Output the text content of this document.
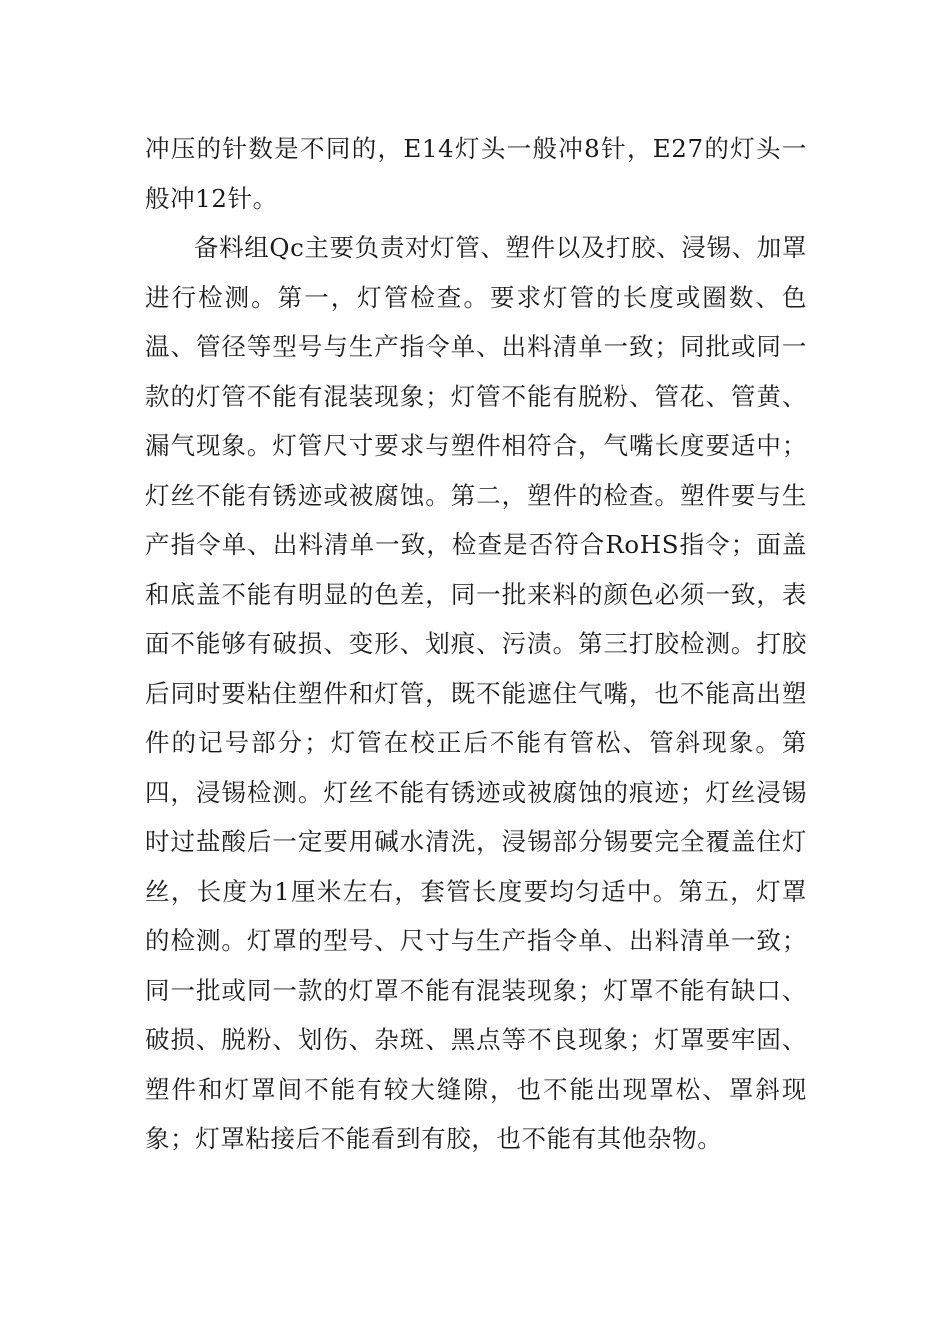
冲压的针数是不同的，E14灯头一般冲8针，E27的灯头一般冲12针。

备料组Qc主要负责对灯管、塑件以及打胶、浸锡、加罩进行检测。第一，灯管检查。要求灯管的长度或圈数、色温、管径等型号与生产指令单、出料清单一致；同批或同一款的灯管不能有混装现象；灯管不能有脱粉、管花、管黄、漏气现象。灯管尺寸要求与塑件相符合，气嘴长度要适中；灯丝不能有锈迹或被腐蚀。第二，塑件的检查。塑件要与生产指令单、出料清单一致，检查是否符合RoHS指令；面盖和底盖不能有明显的色差，同一批来料的颜色必须一致，表面不能够有破损、变形、划痕、污渍。第三打胶检测。打胶后同时要粘住塑件和灯管，既不能遮住气嘴，也不能高出塑件的记号部分；灯管在校正后不能有管松、管斜现象。第四，浸锡检测。灯丝不能有锈迹或被腐蚀的痕迹；灯丝浸锡时过盐酸后一定要用碱水清洗，浸锡部分锡要完全覆盖住灯丝，长度为1厘米左右，套管长度要均匀适中。第五，灯罩的检测。灯罩的型号、尺寸与生产指令单、出料清单一致；同一批或同一款的灯罩不能有混装现象；灯罩不能有缺口、破损、脱粉、划伤、杂斑、黑点等不良现象；灯罩要牢固、塑件和灯罩间不能有较大缝隙，也不能出现罩松、罩斜现象；灯罩粘接后不能看到有胶，也不能有其他杂物。
